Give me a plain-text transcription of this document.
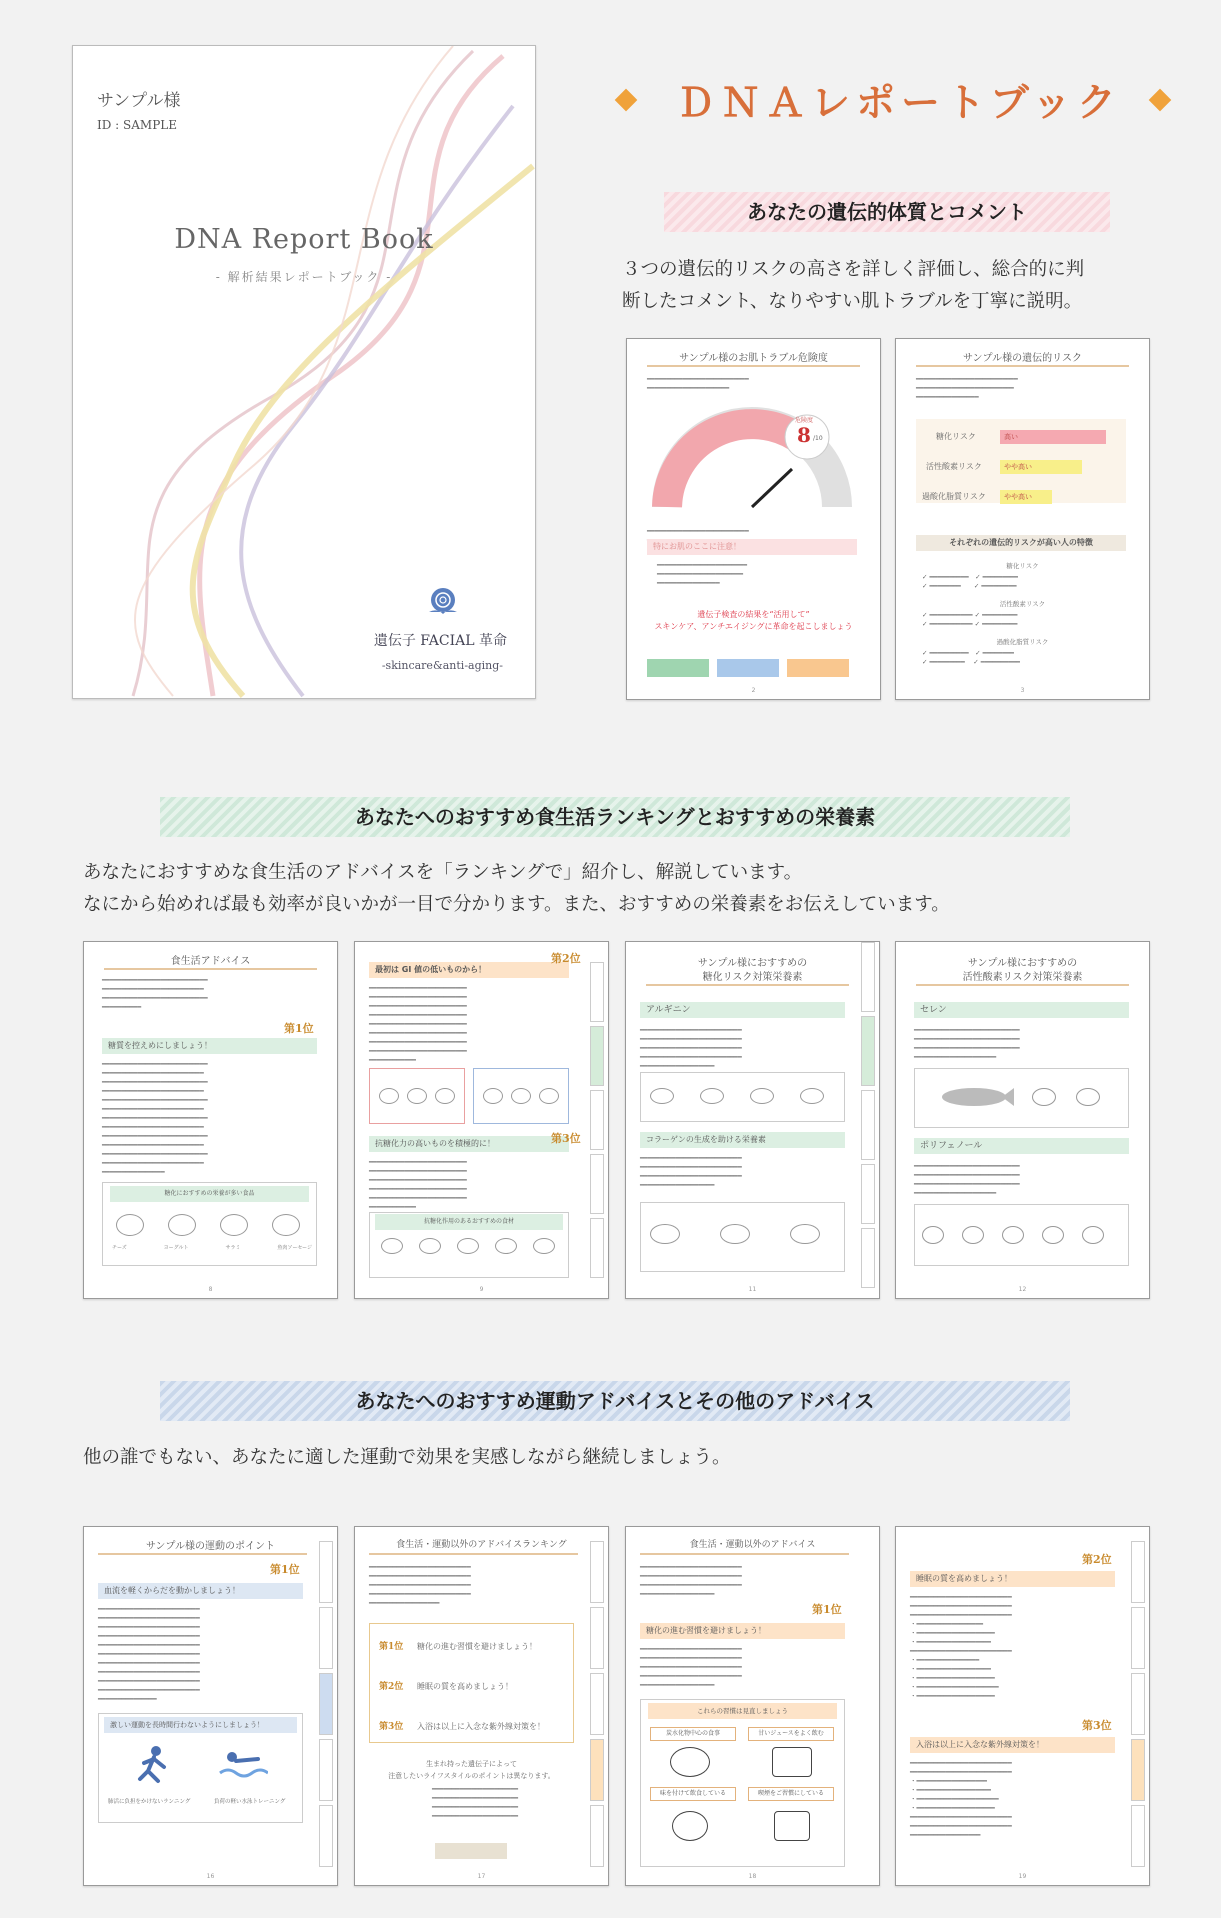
サンプル様
ID : SAMPLE
DNA Report Book
- 解析結果レポートブック -
遺伝子 FACIAL 革命
-skincare&anti-aging-
ＤＮＡレポートブック
あなたの遺伝的体質とコメント
３つの遺伝的リスクの高さを詳しく評価し、総合的に判
断したコメント、なりやすい肌トラブルを丁寧に説明。
サンプル様のお肌トラブル危険度
━━━━━━━━━━━━━━━━━━━━━━━━━━
━━━━━━━━━━━━━━━━━━━━━
危険度
8 /10
━━━━━━━━━━━━━━━━━━━━━━━━━━

特にお肌のここに注意！
━━━━━━━━━━━━━━━━━━━━━━━
━━━━━━━━━━━━━━━━━━━━━━
━━━━━━━━━━━━━━━━
遺伝子検査の結果を“活用して”
スキンケア、アンチエイジングに革命を起こしましょう
2
サンプル様の遺伝的リスク
━━━━━━━━━━━━━━━━━━━━━━━━━━
━━━━━━━━━━━━━━━━━━━━━━━━━
━━━━━━━━━━━━━━━━
糖化リスク	高い
活性酸素リスク	やや高い
過酸化脂質リスク	やや高い
それぞれの遺伝的リスクが高い人の特徴
糖化リスク
✓ ━━━━━━━━━━　✓ ━━━━━━━━━
✓ ━━━━━━━━　　✓ ━━━━━━━━━
活性酸素リスク
✓ ━━━━━━━━━━━ ✓ ━━━━━━━━━
✓ ━━━━━━━━━━━ ✓ ━━━━━━━━━
過酸化脂質リスク
✓ ━━━━━━━━━━　✓ ━━━━━━━━
✓ ━━━━━━━━━　 ✓ ━━━━━━━━━━
3
あなたへのおすすめ食生活ランキングとおすすめの栄養素
あなたにおすすめな食生活のアドバイスを「ランキングで」紹介し、解説しています。
なにから始めれば最も効率が良いかが一目で分かります。また、おすすめの栄養素をお伝えしています。
食生活アドバイス
━━━━━━━━━━━━━━━━━━━━━━━━━━━
━━━━━━━━━━━━━━━━━━━━━━━━━━
━━━━━━━━━━━━━━━━━━━━━━━━━━━
━━━━━━━━━━
第1位
糖質を控えめにしましょう！
━━━━━━━━━━━━━━━━━━━━━━━━━━━
━━━━━━━━━━━━━━━━━━━━━━━━━━
━━━━━━━━━━━━━━━━━━━━━━━━━━━
━━━━━━━━━━━━━━━━━━━━━━━━━━
━━━━━━━━━━━━━━━━━━━━━━━━━━━
━━━━━━━━━━━━━━━━━━━━━━━━━━
━━━━━━━━━━━━━━━━━━━━━━━━━━━
━━━━━━━━━━━━━━━━━━━━━━━━━━
━━━━━━━━━━━━━━━━━━━━━━━━━━━
━━━━━━━━━━━━━━━━━━━━━━━━━━
━━━━━━━━━━━━━━━━━━━━━━━━━━━
━━━━━━━━━━━━━━━━━━━━━━━━━━
━━━━━━━━━━━━━━━━
糖化におすすめの栄養が多い食品
チーズ	ヨーグルト	サラミ	魚肉ソーセージ
8
最初は GI 値の低いものから！
第2位
━━━━━━━━━━━━━━━━━━━━━━━━━
━━━━━━━━━━━━━━━━━━━━━━━━━
━━━━━━━━━━━━━━━━━━━━━━━━━
━━━━━━━━━━━━━━━━━━━━━━━━━
━━━━━━━━━━━━━━━━━━━━━━━━━
━━━━━━━━━━━━━━━━━━━━━━━━━
━━━━━━━━━━━━━━━━━━━━━━━━━
━━━━━━━━━━━━━━━━━━━━━━━━━
━━━━━━━━━━━━
抗糖化力の高いものを積極的に！	第3位
━━━━━━━━━━━━━━━━━━━━━━━━━
━━━━━━━━━━━━━━━━━━━━━━━━━
━━━━━━━━━━━━━━━━━━━━━━━━━
━━━━━━━━━━━━━━━━━━━━━━━━━
━━━━━━━━━━━━━━━━━━━━━━━━━
━━━━━━━━━━━━
抗糖化作用のあるおすすめの食材
9
サンプル様におすすめの
糖化リスク対策栄養素
アルギニン
━━━━━━━━━━━━━━━━━━━━━━━━━━
━━━━━━━━━━━━━━━━━━━━━━━━━━
━━━━━━━━━━━━━━━━━━━━━━━━━━
━━━━━━━━━━━━━━━━━━━━━━━━━━
━━━━━━━━━━━━━━━━━━━
コラーゲンの生成を助ける栄養素
━━━━━━━━━━━━━━━━━━━━━━━━━━
━━━━━━━━━━━━━━━━━━━━━━━━━━
━━━━━━━━━━━━━━━━━━━━━━━━━━
━━━━━━━━━━━━━━━━━━━
11
サンプル様におすすめの
活性酸素リスク対策栄養素
セレン
━━━━━━━━━━━━━━━━━━━━━━━━━━━
━━━━━━━━━━━━━━━━━━━━━━━━━━━
━━━━━━━━━━━━━━━━━━━━━━━━━━━
━━━━━━━━━━━━━━━━━━━━━
ポリフェノール
━━━━━━━━━━━━━━━━━━━━━━━━━━━
━━━━━━━━━━━━━━━━━━━━━━━━━━━
━━━━━━━━━━━━━━━━━━━━━━━━━━━
━━━━━━━━━━━━━━━━━━━━━
12
あなたへのおすすめ運動アドバイスとその他のアドバイス
他の誰でもない、あなたに適した運動で効果を実感しながら継続しましょう。
サンプル様の運動のポイント
第1位
血流を軽くからだを動かしましょう！
━━━━━━━━━━━━━━━━━━━━━━━━━━
━━━━━━━━━━━━━━━━━━━━━━━━━━
━━━━━━━━━━━━━━━━━━━━━━━━━━
━━━━━━━━━━━━━━━━━━━━━━━━━━
━━━━━━━━━━━━━━━━━━━━━━━━━━
━━━━━━━━━━━━━━━━━━━━━━━━━━
━━━━━━━━━━━━━━━━━━━━━━━━━━
━━━━━━━━━━━━━━━━━━━━━━━━━━
━━━━━━━━━━━━━━━━━━━━━━━━━━
━━━━━━━━━━━━━━━━━━━━━━━━━━
━━━━━━━━━━━━━━━
激しい運動を長時間行わないようにしましょう！
肺活に負担をかけないランニング	負荷の軽い水泳トレーニング
16
食生活・運動以外のアドバイスランキング
━━━━━━━━━━━━━━━━━━━━━━━━━━
━━━━━━━━━━━━━━━━━━━━━━━━━━
━━━━━━━━━━━━━━━━━━━━━━━━━━
━━━━━━━━━━━━━━━━━━━━━━━━━━
━━━━━━━━━━━━━━━━━━
第1位	糖化の進む習慣を避けましょう！
第2位	睡眠の質を高めましょう！
第3位	入浴は以上に入念な紫外線対策を！
生まれ持った遺伝子によって
注意したいライフスタイルのポイントは異なります。
━━━━━━━━━━━━━━━━━━━━━━
━━━━━━━━━━━━━━━━━━━━━━
━━━━━━━━━━━━━━━━━━━━━━
━━━━━━━━━━━━━━━━━━━━━━
17
食生活・運動以外のアドバイス
━━━━━━━━━━━━━━━━━━━━━━━━━━
━━━━━━━━━━━━━━━━━━━━━━━━━━
━━━━━━━━━━━━━━━━━━━━━━━━━━
━━━━━━━━━━━━━━━━━━━
第1位
糖化の進む習慣を避けましょう！
━━━━━━━━━━━━━━━━━━━━━━━━━━
━━━━━━━━━━━━━━━━━━━━━━━━━━
━━━━━━━━━━━━━━━━━━━━━━━━━━
━━━━━━━━━━━━━━━━━━━━━━━━━━
━━━━━━━━━━━━━━━━━━━
これらの習慣は見直しましょう
炭水化物中心の食事	甘いジュースをよく飲む
味を付けて飲食している	喫煙をご習慣にしている
18
第2位
睡眠の質を高めましょう！
━━━━━━━━━━━━━━━━━━━━━━━━━━
━━━━━━━━━━━━━━━━━━━━━━━━━━
━━━━━━━━━━━━━━━━━━━━━━━━━━
・━━━━━━━━━━━━━━━━━
・━━━━━━━━━━━━━━━━━━━━
・━━━━━━━━━━━━━━━━━━━
━━━━━━━━━━━━━━━━━━━━━━━━━━
・━━━━━━━━━━━━━━━━
・━━━━━━━━━━━━━━━━━━━
・━━━━━━━━━━━━━━━━━━━━
・━━━━━━━━━━━━━━━━━━━━━
・━━━━━━━━━━━━━━━━━━━━
第3位
入浴は以上に入念な紫外線対策を！
━━━━━━━━━━━━━━━━━━━━━━━━━━
━━━━━━━━━━━━━━━━━━━━━━━━━━
・━━━━━━━━━━━━━━━━━━
・━━━━━━━━━━━━━━━━━━━
・━━━━━━━━━━━━━━━━━━━━━
・━━━━━━━━━━━━━━━━━━━━
━━━━━━━━━━━━━━━━━━━━━━━━━━
━━━━━━━━━━━━━━━━━━━━━━━━━━
━━━━━━━━━━━━━━━━━━
19
